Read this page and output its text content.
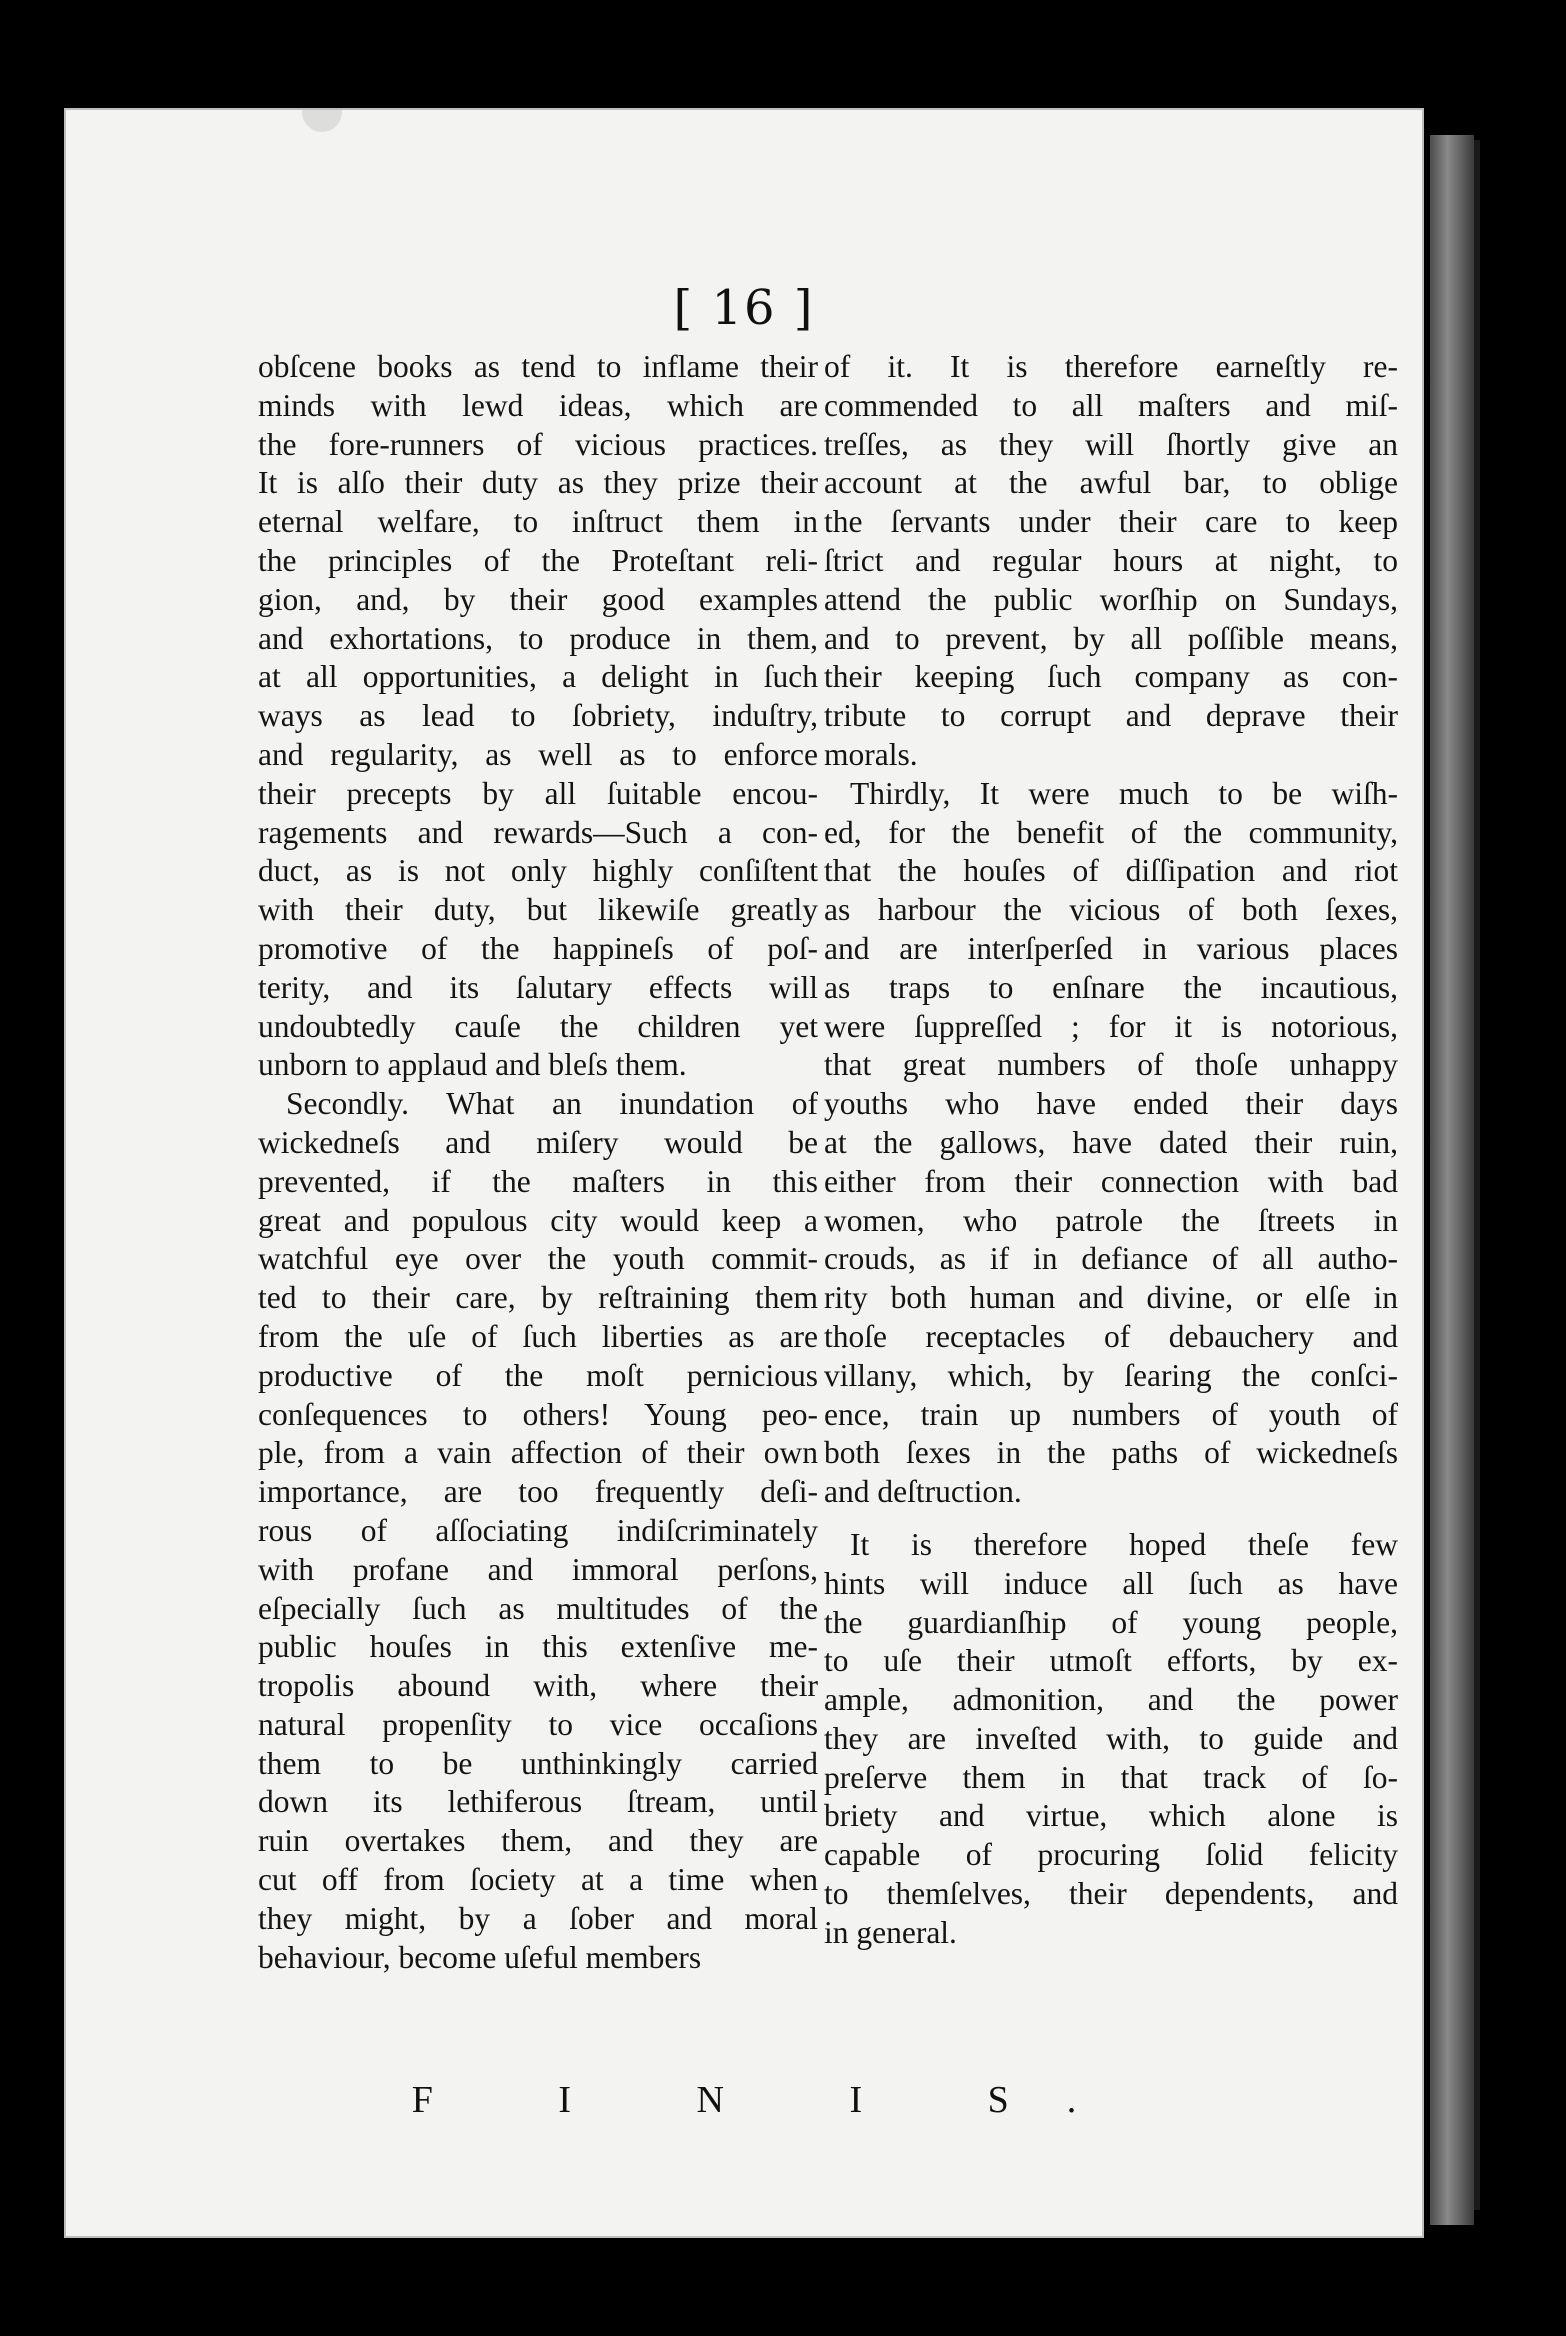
[ 16 ]
obſcene books as tend to inflame their
minds with lewd ideas, which are
the fore-runners of vicious practices.
It is alſo their duty as they prize their
eternal welfare, to inſtruct them in
the principles of the Proteſtant reli-
gion, and, by their good examples
and exhortations, to produce in them,
at all opportunities, a delight in ſuch
ways as lead to ſobriety, induſtry,
and regularity, as well as to enforce
their precepts by all ſuitable encou-
ragements and rewards—Such a con-
duct, as is not only highly conſiſtent
with their duty, but likewiſe greatly
promotive of the happineſs of poſ-
terity, and its ſalutary effects will
undoubtedly cauſe the children yet
unborn to applaud and bleſs them.
Secondly. What an inundation of
wickedneſs and miſery would be
prevented, if the maſters in this
great and populous city would keep a
watchful eye over the youth commit-
ted to their care, by reſtraining them
from the uſe of ſuch liberties as are
productive of the moſt pernicious
conſequences to others! Young peo-
ple, from a vain affection of their own
importance, are too frequently deſi-
rous of aſſociating indiſcriminately
with profane and immoral perſons,
eſpecially ſuch as multitudes of the
public houſes in this extenſive me-
tropolis abound with, where their
natural propenſity to vice occaſions
them to be unthinkingly carried
down its lethiferous ſtream, until
ruin overtakes them, and they are
cut off from ſociety at a time when
they might, by a ſober and moral
behaviour, become uſeful members
of it. It is therefore earneſtly re-
commended to all maſters and miſ-
treſſes, as they will ſhortly give an
account at the awful bar, to oblige
the ſervants under their care to keep
ſtrict and regular hours at night, to
attend the public worſhip on Sundays,
and to prevent, by all poſſible means,
their keeping ſuch company as con-
tribute to corrupt and deprave their
morals.
Thirdly, It were much to be wiſh-
ed, for the benefit of the community,
that the houſes of diſſipation and riot
as harbour the vicious of both ſexes,
and are interſperſed in various places
as traps to enſnare the incautious,
were ſuppreſſed ; for it is notorious,
that great numbers of thoſe unhappy
youths who have ended their days
at the gallows, have dated their ruin,
either from their connection with bad
women, who patrole the ſtreets in
crouds, as if in defiance of all autho-
rity both human and divine, or elſe in
thoſe receptacles of debauchery and
villany, which, by ſearing the conſci-
ence, train up numbers of youth of
both ſexes in the paths of wickedneſs
and deſtruction.
It is therefore hoped theſe few
hints will induce all ſuch as have
the guardianſhip of young people,
to uſe their utmoſt efforts, by ex-
ample, admonition, and the power
they are inveſted with, to guide and
preſerve them in that track of ſo-
briety and virtue, which alone is
capable of procuring ſolid felicity
to themſelves, their dependents, and
in general.
F I N I S.
